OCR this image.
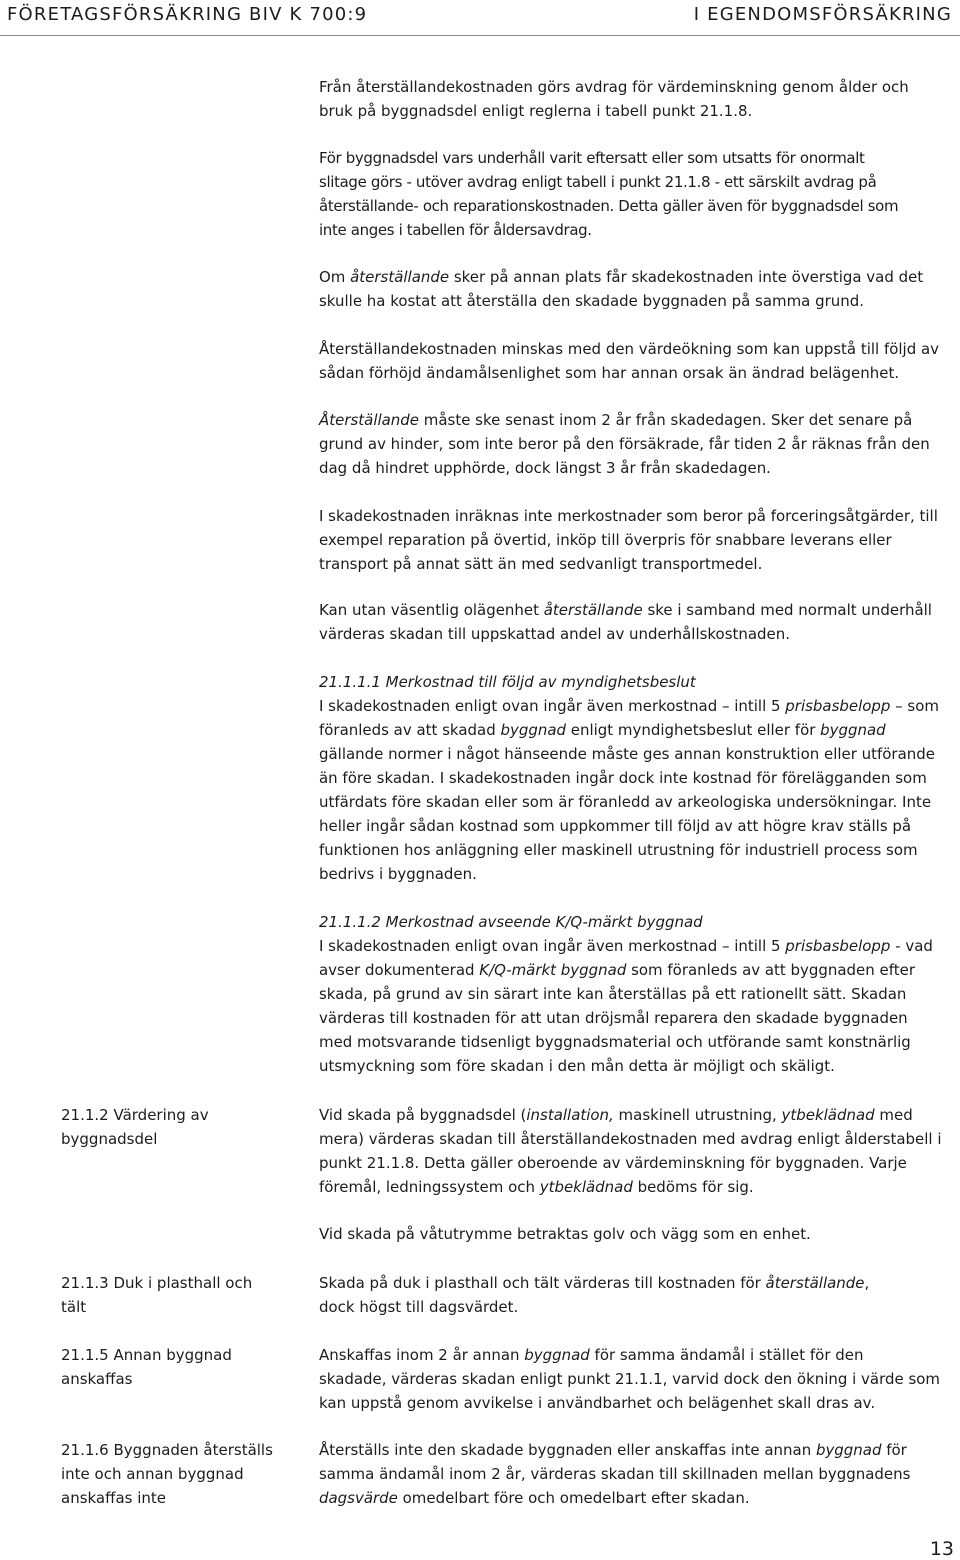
FÖRETAGSFÖRSÄKRING BIV K 700:9	I EGENDOMSFÖRSÄKRING

Från återställandekostnaden görs avdrag för värdeminskning genom ålder och
bruk på byggnadsdel enligt reglerna i tabell punkt 21.1.8.

För byggnadsdel vars underhåll varit eftersatt eller som utsatts för onormalt
slitage görs - utöver avdrag enligt tabell i punkt 21.1.8 - ett särskilt avdrag på
återställande- och reparationskostnaden. Detta gäller även för byggnadsdel som
inte anges i tabellen för åldersavdrag.

Om återställande sker på annan plats får skadekostnaden inte överstiga vad det
skulle ha kostat att återställa den skadade byggnaden på samma grund.

Återställandekostnaden minskas med den värdeökning som kan uppstå till följd av
sådan förhöjd ändamålsenlighet som har annan orsak än ändrad belägenhet.

Återställande måste ske senast inom 2 år från skadedagen. Sker det senare på
grund av hinder, som inte beror på den försäkrade, får tiden 2 år räknas från den
dag då hindret upphörde, dock längst 3 år från skadedagen.

I skadekostnaden inräknas inte merkostnader som beror på forceringsåtgärder, till
exempel reparation på övertid, inköp till överpris för snabbare leverans eller
transport på annat sätt än med sedvanligt transportmedel.

Kan utan väsentlig olägenhet återställande ske i samband med normalt underhåll
värderas skadan till uppskattad andel av underhållskostnaden.

21.1.1.1 Merkostnad till följd av myndighetsbeslut
I skadekostnaden enligt ovan ingår även merkostnad – intill 5 prisbasbelopp – som
föranleds av att skadad byggnad enligt myndighetsbeslut eller för byggnad
gällande normer i något hänseende måste ges annan konstruktion eller utförande
än före skadan. I skadekostnaden ingår dock inte kostnad för förelägganden som
utfärdats före skadan eller som är föranledd av arkeologiska undersökningar. Inte
heller ingår sådan kostnad som uppkommer till följd av att högre krav ställs på
funktionen hos anläggning eller maskinell utrustning för industriell process som
bedrivs i byggnaden.

21.1.1.2 Merkostnad avseende K/Q-märkt byggnad
I skadekostnaden enligt ovan ingår även merkostnad – intill 5 prisbasbelopp - vad
avser dokumenterad K/Q-märkt byggnad som föranleds av att byggnaden efter
skada, på grund av sin särart inte kan återställas på ett rationellt sätt. Skadan
värderas till kostnaden för att utan dröjsmål reparera den skadade byggnaden
med motsvarande tidsenligt byggnadsmaterial och utförande samt konstnärlig
utsmyckning som före skadan i den mån detta är möjligt och skäligt.

21.1.2 Värdering av
byggnadsdel

Vid skada på byggnadsdel (installation, maskinell utrustning, ytbeklädnad med
mera) värderas skadan till återställandekostnaden med avdrag enligt ålderstabell i
punkt 21.1.8. Detta gäller oberoende av värdeminskning för byggnaden. Varje
föremål, ledningssystem och ytbeklädnad bedöms för sig.

Vid skada på våtutrymme betraktas golv och vägg som en enhet.

21.1.3 Duk i plasthall och
tält

Skada på duk i plasthall och tält värderas till kostnaden för återställande,
dock högst till dagsvärdet.

21.1.5 Annan byggnad
anskaffas

Anskaffas inom 2 år annan byggnad för samma ändamål i stället för den
skadade, värderas skadan enligt punkt 21.1.1, varvid dock den ökning i värde som
kan uppstå genom avvikelse i användbarhet och belägenhet skall dras av.

21.1.6 Byggnaden återställs
inte och annan byggnad
anskaffas inte

Återställs inte den skadade byggnaden eller anskaffas inte annan byggnad för
samma ändamål inom 2 år, värderas skadan till skillnaden mellan byggnadens
dagsvärde omedelbart före och omedelbart efter skadan.

13
